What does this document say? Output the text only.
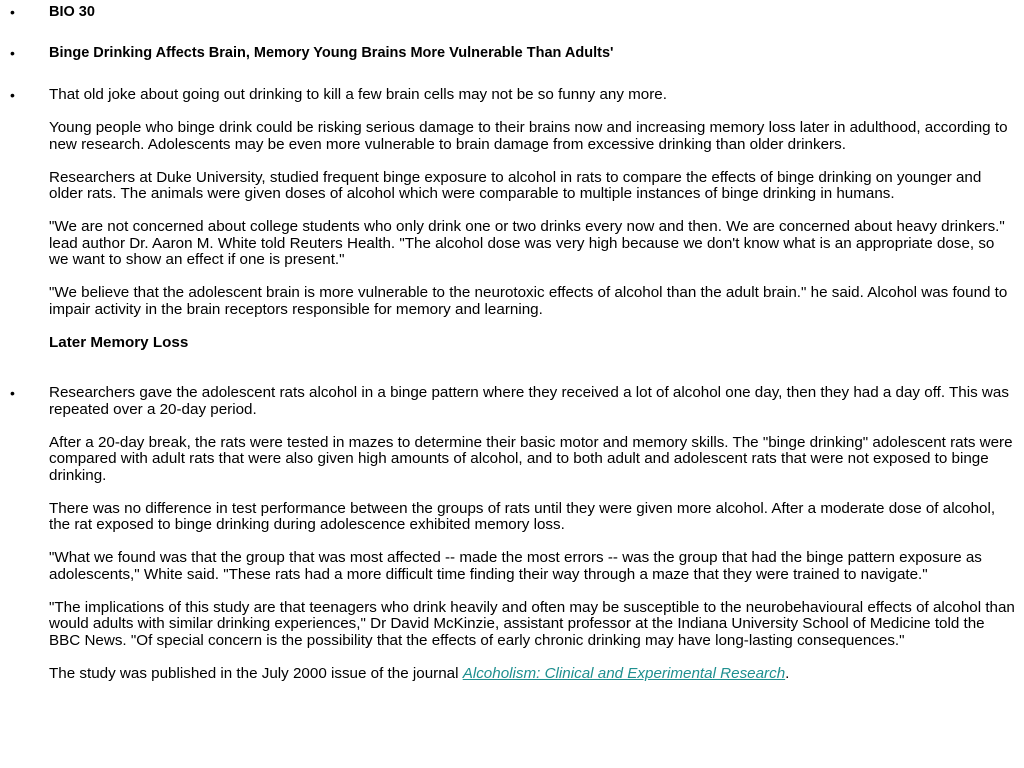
• BIO 30
• Binge Drinking Affects Brain, Memory Young Brains More Vulnerable Than Adults'
• That old joke about going out drinking to kill a few brain cells may not be so funny any more.

Young people who binge drink could be risking serious damage to their brains now and increasing memory loss later in adulthood, according to new research. Adolescents may be even more vulnerable to brain damage from excessive drinking than older drinkers.

Researchers at Duke University, studied frequent binge exposure to alcohol in rats to compare the effects of binge drinking on younger and older rats. The animals were given doses of alcohol which were comparable to multiple instances of binge drinking in humans.

"We are not concerned about college students who only drink one or two drinks every now and then. We are concerned about heavy drinkers." lead author Dr. Aaron M. White told Reuters Health. "The alcohol dose was very high because we don't know what is an appropriate dose, so we want to show an effect if one is present."

"We believe that the adolescent brain is more vulnerable to the neurotoxic effects of alcohol than the adult brain." he said. Alcohol was found to impair activity in the brain receptors responsible for memory and learning.

Later Memory Loss

• Researchers gave the adolescent rats alcohol in a binge pattern where they received a lot of alcohol one day, then they had a day off. This was repeated over a 20-day period.

After a 20-day break, the rats were tested in mazes to determine their basic motor and memory skills. The "binge drinking" adolescent rats were compared with adult rats that were also given high amounts of alcohol, and to both adult and adolescent rats that were not exposed to binge drinking.

There was no difference in test performance between the groups of rats until they were given more alcohol. After a moderate dose of alcohol, the rat exposed to binge drinking during adolescence exhibited memory loss.

"What we found was that the group that was most affected -- made the most errors -- was the group that had the binge pattern exposure as adolescents," White said. "These rats had a more difficult time finding their way through a maze that they were trained to navigate."

"The implications of this study are that teenagers who drink heavily and often may be susceptible to the neurobehavioural effects of alcohol than would adults with similar drinking experiences," Dr David McKinzie, assistant professor at the Indiana University School of Medicine told the BBC News. "Of special concern is the possibility that the effects of early chronic drinking may have long-lasting consequences."

The study was published in the July 2000 issue of the journal Alcoholism: Clinical and Experimental Research.
